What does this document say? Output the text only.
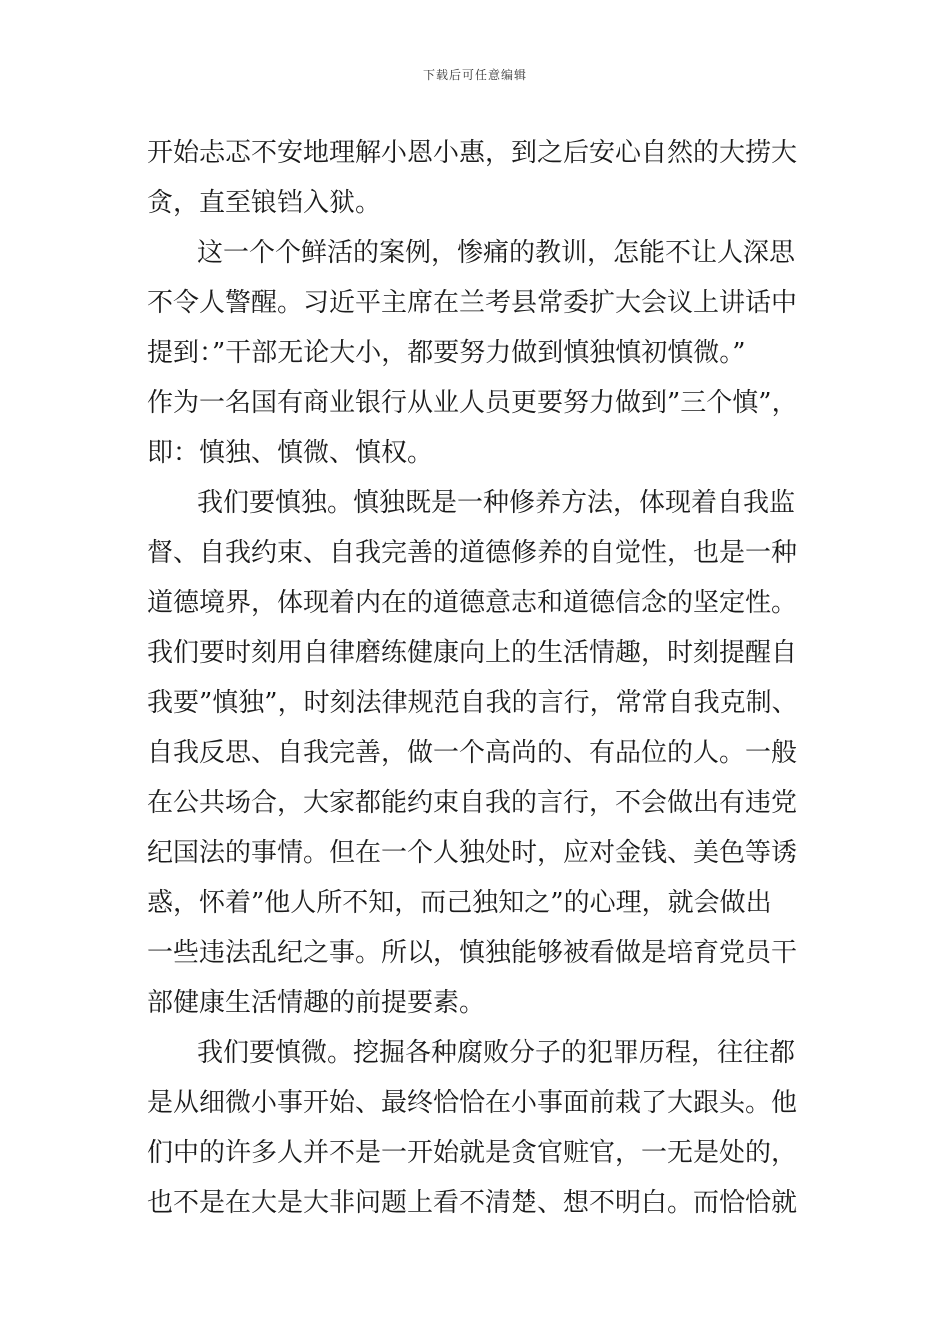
下载后可任意编辑
开始忐忑不安地理解小恩小惠，到之后安心自然的大捞大
贪，直至锒铛入狱。
这一个个鲜活的案例，惨痛的教训，怎能不让人深思
不令人警醒。习近平主席在兰考县常委扩大会议上讲话中
提到：”干部无论大小，都要努力做到慎独慎初慎微。”
作为一名国有商业银行从业人员更要努力做到”三个慎”，
即：慎独、慎微、慎权。
我们要慎独。慎独既是一种修养方法，体现着自我监
督、自我约束、自我完善的道德修养的自觉性，也是一种
道德境界，体现着内在的道德意志和道德信念的坚定性。
我们要时刻用自律磨练健康向上的生活情趣，时刻提醒自
我要”慎独”，时刻法律规范自我的言行，常常自我克制、
自我反思、自我完善，做一个高尚的、有品位的人。一般
在公共场合，大家都能约束自我的言行，不会做出有违党
纪国法的事情。但在一个人独处时，应对金钱、美色等诱
惑，怀着”他人所不知，而己独知之”的心理，就会做出
一些违法乱纪之事。所以，慎独能够被看做是培育党员干
部健康生活情趣的前提要素。
我们要慎微。挖掘各种腐败分子的犯罪历程，往往都
是从细微小事开始、最终恰恰在小事面前栽了大跟头。他
们中的许多人并不是一开始就是贪官赃官，一无是处的，
也不是在大是大非问题上看不清楚、想不明白。而恰恰就
